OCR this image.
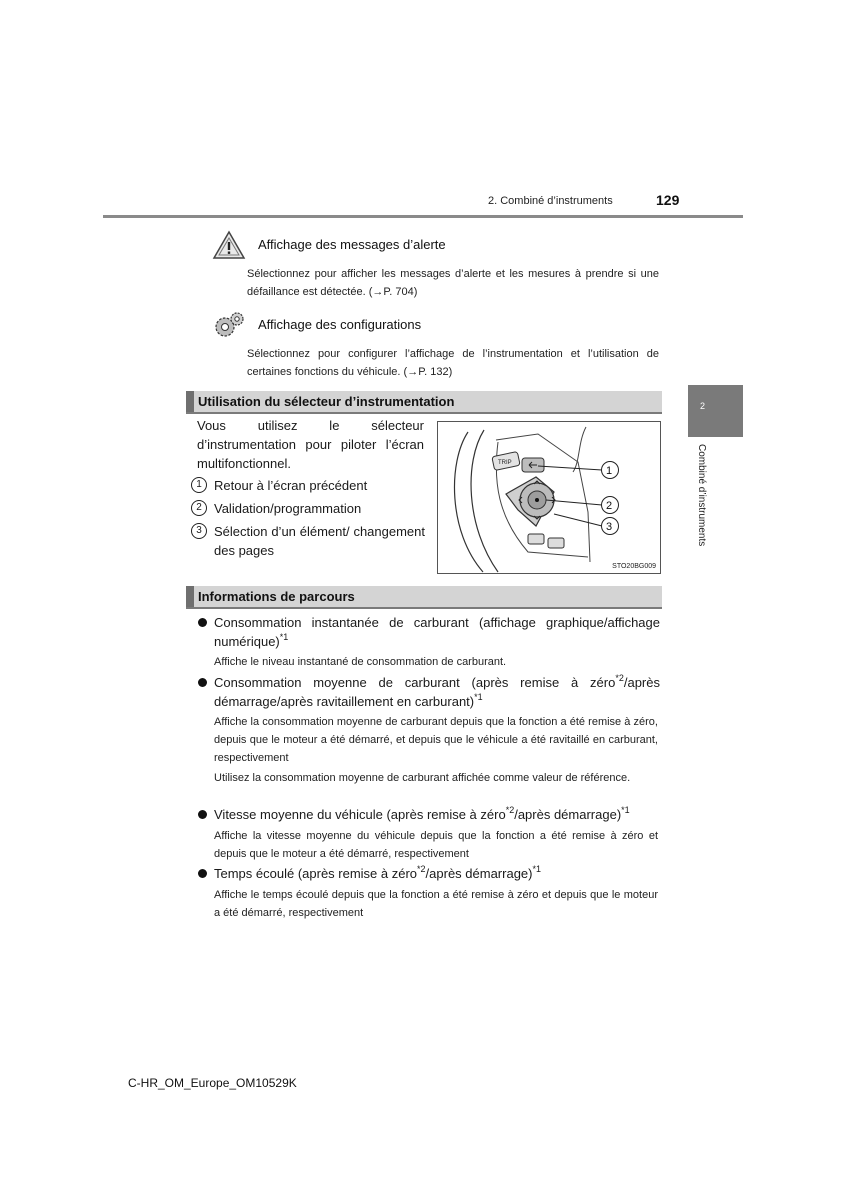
2. Combiné d’instruments	129
Affichage des messages d’alerte
Sélectionnez pour afficher les messages d’alerte et les mesures à prendre si une défaillance est détectée. (→P. 704)
Affichage des configurations
Sélectionnez pour configurer l’affichage de l’instrumentation et l’utilisation de certaines fonctions du véhicule. (→P. 132)
Utilisation du sélecteur d’instrumentation
Vous utilisez le sélecteur d’instrumentation pour piloter l’écran multifonctionnel.
1 Retour à l’écran précédent
2 Validation/programmation
3 Sélection d’un élément/ changement des pages
TRIP
1
2
3
STO20BG009
2
Combiné d’instruments
Informations de parcours
Consommation instantanée de carburant (affichage graphique/affichage numérique)$^{*1}$
Affiche le niveau instantané de consommation de carburant.
Consommation moyenne de carburant (après remise à zéro$^{*2}$/après démarrage/après ravitaillement en carburant)$^{*1}$
Affiche la consommation moyenne de carburant depuis que la fonction a été remise à zéro, depuis que le moteur a été démarré, et depuis que le véhicule a été ravitaillé en carburant, respectivement
Utilisez la consommation moyenne de carburant affichée comme valeur de référence.
Vitesse moyenne du véhicule (après remise à zéro$^{*2}$/après démarrage)$^{*1}$
Affiche la vitesse moyenne du véhicule depuis que la fonction a été remise à zéro et depuis que le moteur a été démarré, respectivement
Temps écoulé (après remise à zéro$^{*2}$/après démarrage)$^{*1}$
Affiche le temps écoulé depuis que la fonction a été remise à zéro et depuis que le moteur a été démarré, respectivement
C-HR_OM_Europe_OM10529K
